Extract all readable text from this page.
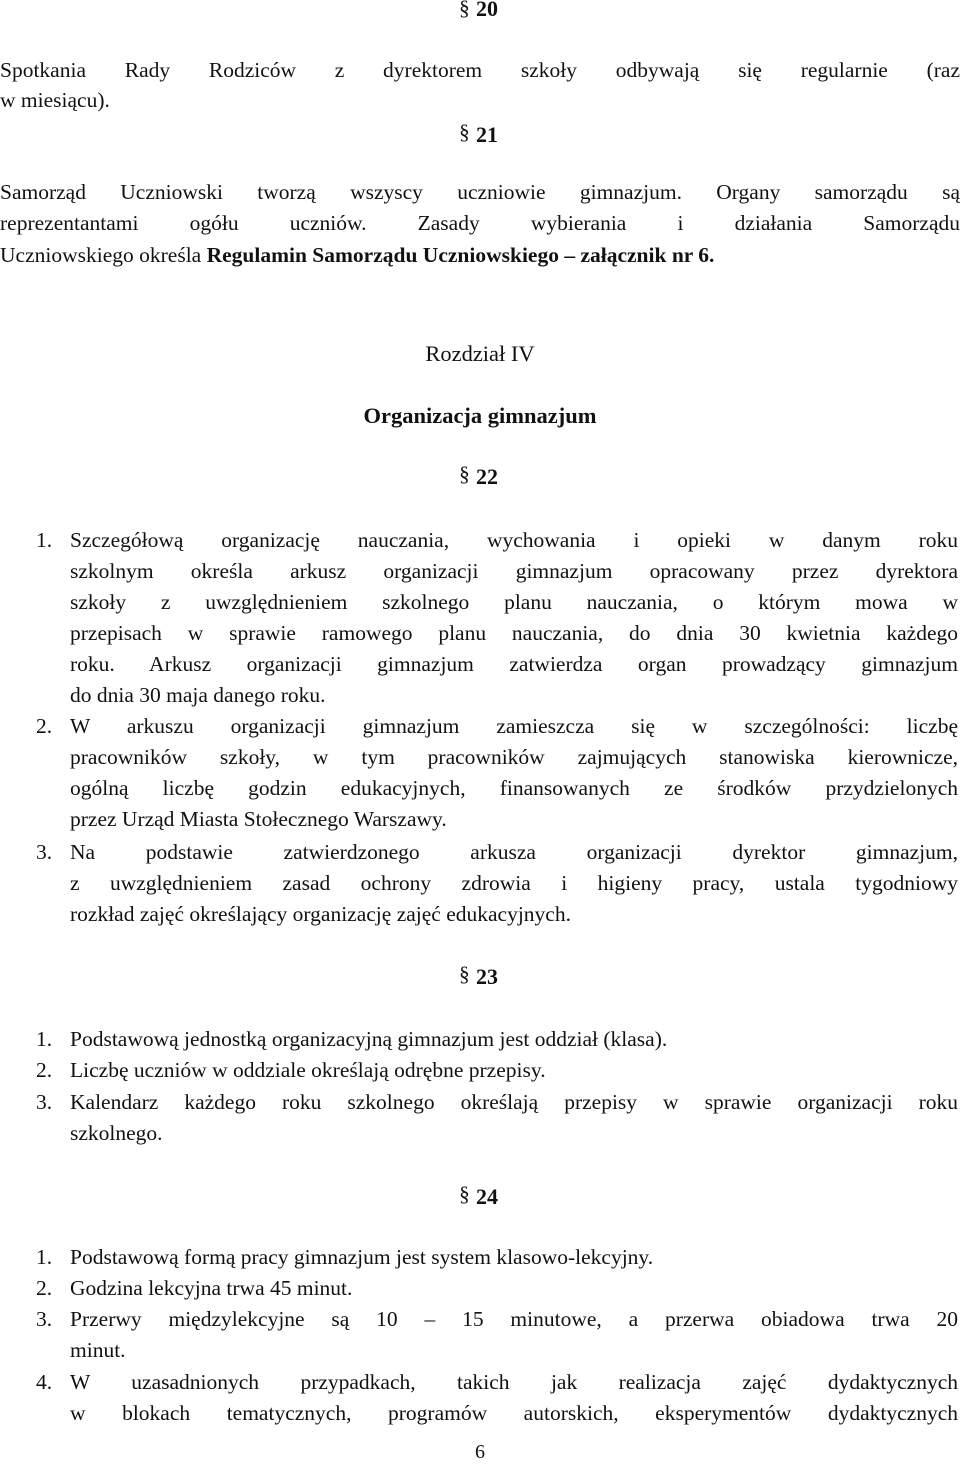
§ 20
Spotkania Rady Rodziców z dyrektorem szkoły odbywają się regularnie (raz
w miesiącu).
§ 21
Samorząd Uczniowski tworzą wszyscy uczniowie gimnazjum. Organy samorządu są
reprezentantami ogółu uczniów. Zasady wybierania i działania Samorządu
Uczniowskiego określa Regulamin Samorządu Uczniowskiego – załącznik nr 6.
Rozdział IV
Organizacja gimnazjum
§ 22
1. Szczegółową organizację nauczania, wychowania i opieki w danym roku
szkolnym określa arkusz organizacji gimnazjum opracowany przez dyrektora
szkoły z uwzględnieniem szkolnego planu nauczania, o którym mowa w
przepisach w sprawie ramowego planu nauczania, do dnia 30 kwietnia każdego
roku. Arkusz organizacji gimnazjum zatwierdza organ prowadzący gimnazjum
do dnia 30 maja danego roku.
2. W arkuszu organizacji gimnazjum zamieszcza się w szczególności: liczbę
pracowników szkoły, w tym pracowników zajmujących stanowiska kierownicze,
ogólną liczbę godzin edukacyjnych, finansowanych ze środków przydzielonych
przez Urząd Miasta Stołecznego Warszawy.
3. Na podstawie zatwierdzonego arkusza organizacji dyrektor gimnazjum,
z uwzględnieniem zasad ochrony zdrowia i higieny pracy, ustala tygodniowy
rozkład zajęć określający organizację zajęć edukacyjnych.
§ 23
1. Podstawową jednostką organizacyjną gimnazjum jest oddział (klasa).
2. Liczbę uczniów w oddziale określają odrębne przepisy.
3. Kalendarz każdego roku szkolnego określają przepisy w sprawie organizacji roku
szkolnego.
§ 24
1. Podstawową formą pracy gimnazjum jest system klasowo-lekcyjny.
2. Godzina lekcyjna trwa 45 minut.
3. Przerwy międzylekcyjne są 10 – 15 minutowe, a przerwa obiadowa trwa 20
minut.
4. W uzasadnionych przypadkach, takich jak realizacja zajęć dydaktycznych
w blokach tematycznych, programów autorskich, eksperymentów dydaktycznych
6
